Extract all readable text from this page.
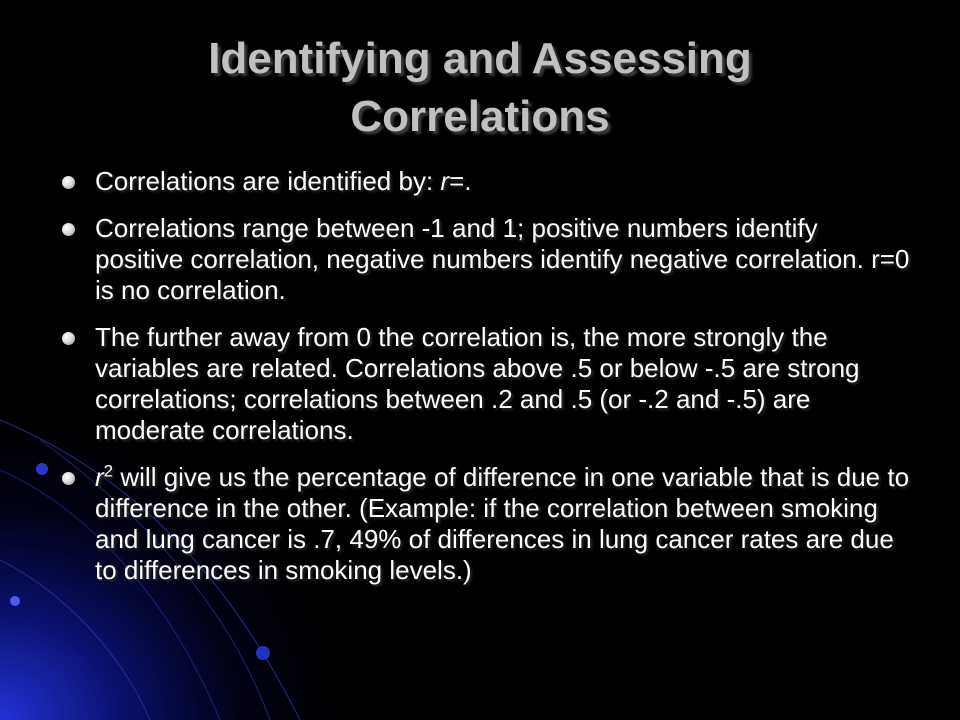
Identifying and Assessing Correlations
Correlations are identified by: r=.
Correlations range between -1 and 1; positive numbers identify positive correlation, negative numbers identify negative correlation. r=0 is no correlation.
The further away from 0 the correlation is, the more strongly the variables are related. Correlations above .5 or below -.5 are strong correlations; correlations between .2 and .5 (or -.2 and -.5) are moderate correlations.
$r^2$ will give us the percentage of difference in one variable that is due to difference in the other. (Example: if the correlation between smoking and lung cancer is .7, 49% of differences in lung cancer rates are due to differences in smoking levels.)
